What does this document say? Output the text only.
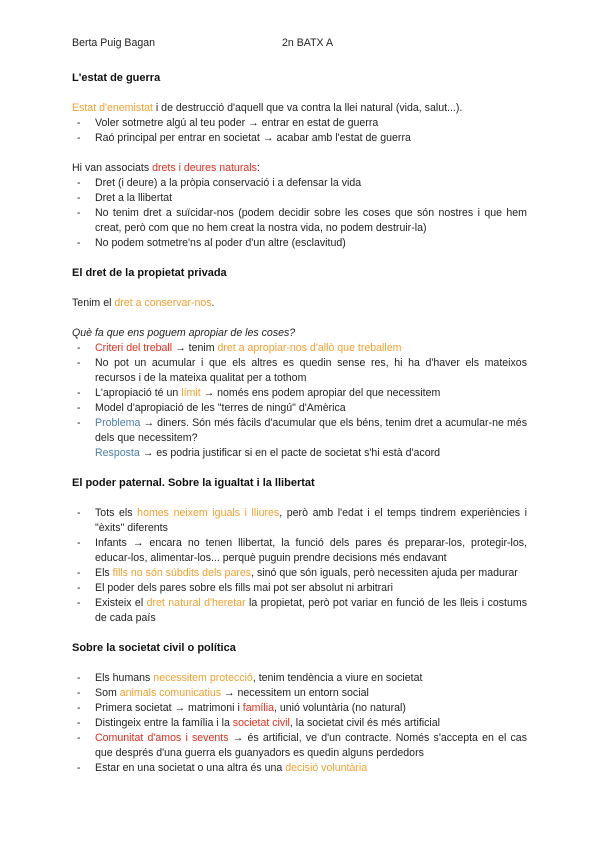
Berta Puig Bagan	2n BATX A
L'estat de guerra

Estat d'enemistat i de destrucció d'aquell que va contra la llei natural (vida, salut...).

- Voler sotmetre algú al teu poder → entrar en estat de guerra
- Raó principal per entrar en societat → acabar amb l'estat de guerra

Hi van associats drets i deures naturals:

- Dret (i deure) a la pròpia conservació i a defensar la vida
- Dret a la llibertat
- No tenim dret a suïcidar-nos (podem decidir sobre les coses que són nostres i que hem creat, però com que no hem creat la nostra vida, no podem destruir-la)
- No podem sotmetre'ns al poder d'un altre (esclavitud)
El dret de la propietat privada

Tenim el dret a conservar-nos.

Què fa que ens poguem apropiar de les coses?

- Criteri del treball → tenim dret a apropiar-nos d'allò que treballem
- No pot un acumular i que els altres es quedin sense res, hi ha d'haver els mateixos recursos i de la mateixa qualitat per a tothom
- L'apropiació té un límit → només ens podem apropiar del que necessitem
- Model d'apropiació de les "terres de ningú" d'Amèrica
- Problema → diners. Són més fàcils d'acumular que els béns, tenim dret a acumular-ne més dels que necessitem?
Resposta → es podria justificar si en el pacte de societat s'hi està d'acord
El poder paternal. Sobre la igualtat i la llibertat
- Tots els homes neixem iguals i lliures, però amb l'edat i el temps tindrem experiències i "èxits" diferents
- Infants → encara no tenen llibertat, la funció dels pares és preparar-los, protegir-los, educar-los, alimentar-los... perquè puguin prendre decisions més endavant
- Els fills no són súbdits dels pares, sinó que són iguals, però necessiten ajuda per madurar
- El poder dels pares sobre els fills mai pot ser absolut ni arbitrari
- Existeix el dret natural d'heretar la propietat, però pot variar en funció de les lleis i costums de cada país
Sobre la societat civil o política
- Els humans necessitem protecció, tenim tendència a viure en societat
- Som animals comunicatius → necessitem un entorn social
- Primera societat → matrimoni i família, unió voluntària (no natural)
- Distingeix entre la família i la societat civil, la societat civil és més artificial
- Comunitat d'amos i sevents → és artificial, ve d'un contracte. Només s'accepta en el cas que després d'una guerra els guanyadors es quedin alguns perdedors
- Estar en una societat o una altra és una decisió voluntària
